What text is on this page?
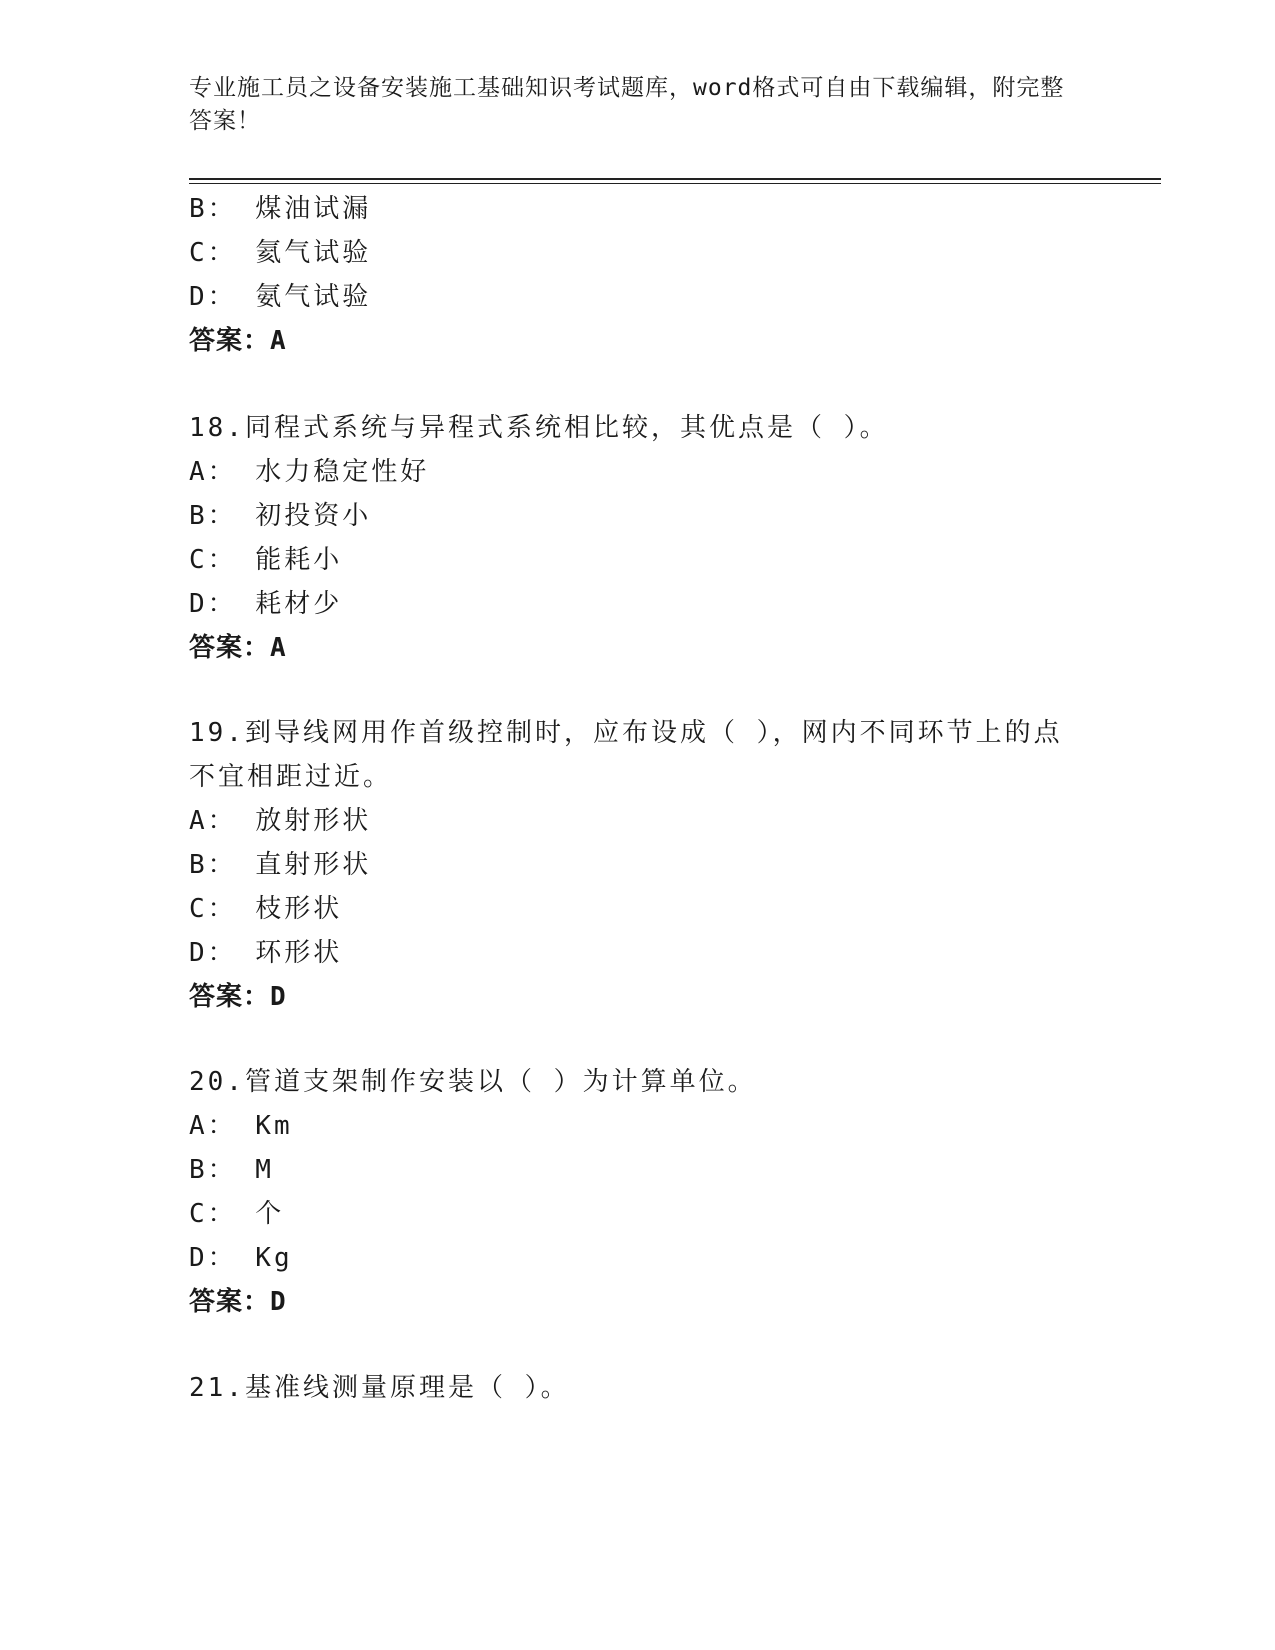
专业施工员之设备安装施工基础知识考试题库，word格式可自由下载编辑，附完整答案！
B： 煤油试漏
C： 氦气试验
D： 氨气试验
答案：A
18.同程式系统与异程式系统相比较，其优点是（ ）。
A： 水力稳定性好
B： 初投资小
C： 能耗小
D： 耗材少
答案：A
19.到导线网用作首级控制时，应布设成（ ），网内不同环节上的点
不宜相距过近。
A： 放射形状
B： 直射形状
C： 枝形状
D： 环形状
答案：D
20.管道支架制作安装以（ ）为计算单位。
A： Km
B： M
C： 个
D： Kg
答案：D
21.基准线测量原理是（ ）。
